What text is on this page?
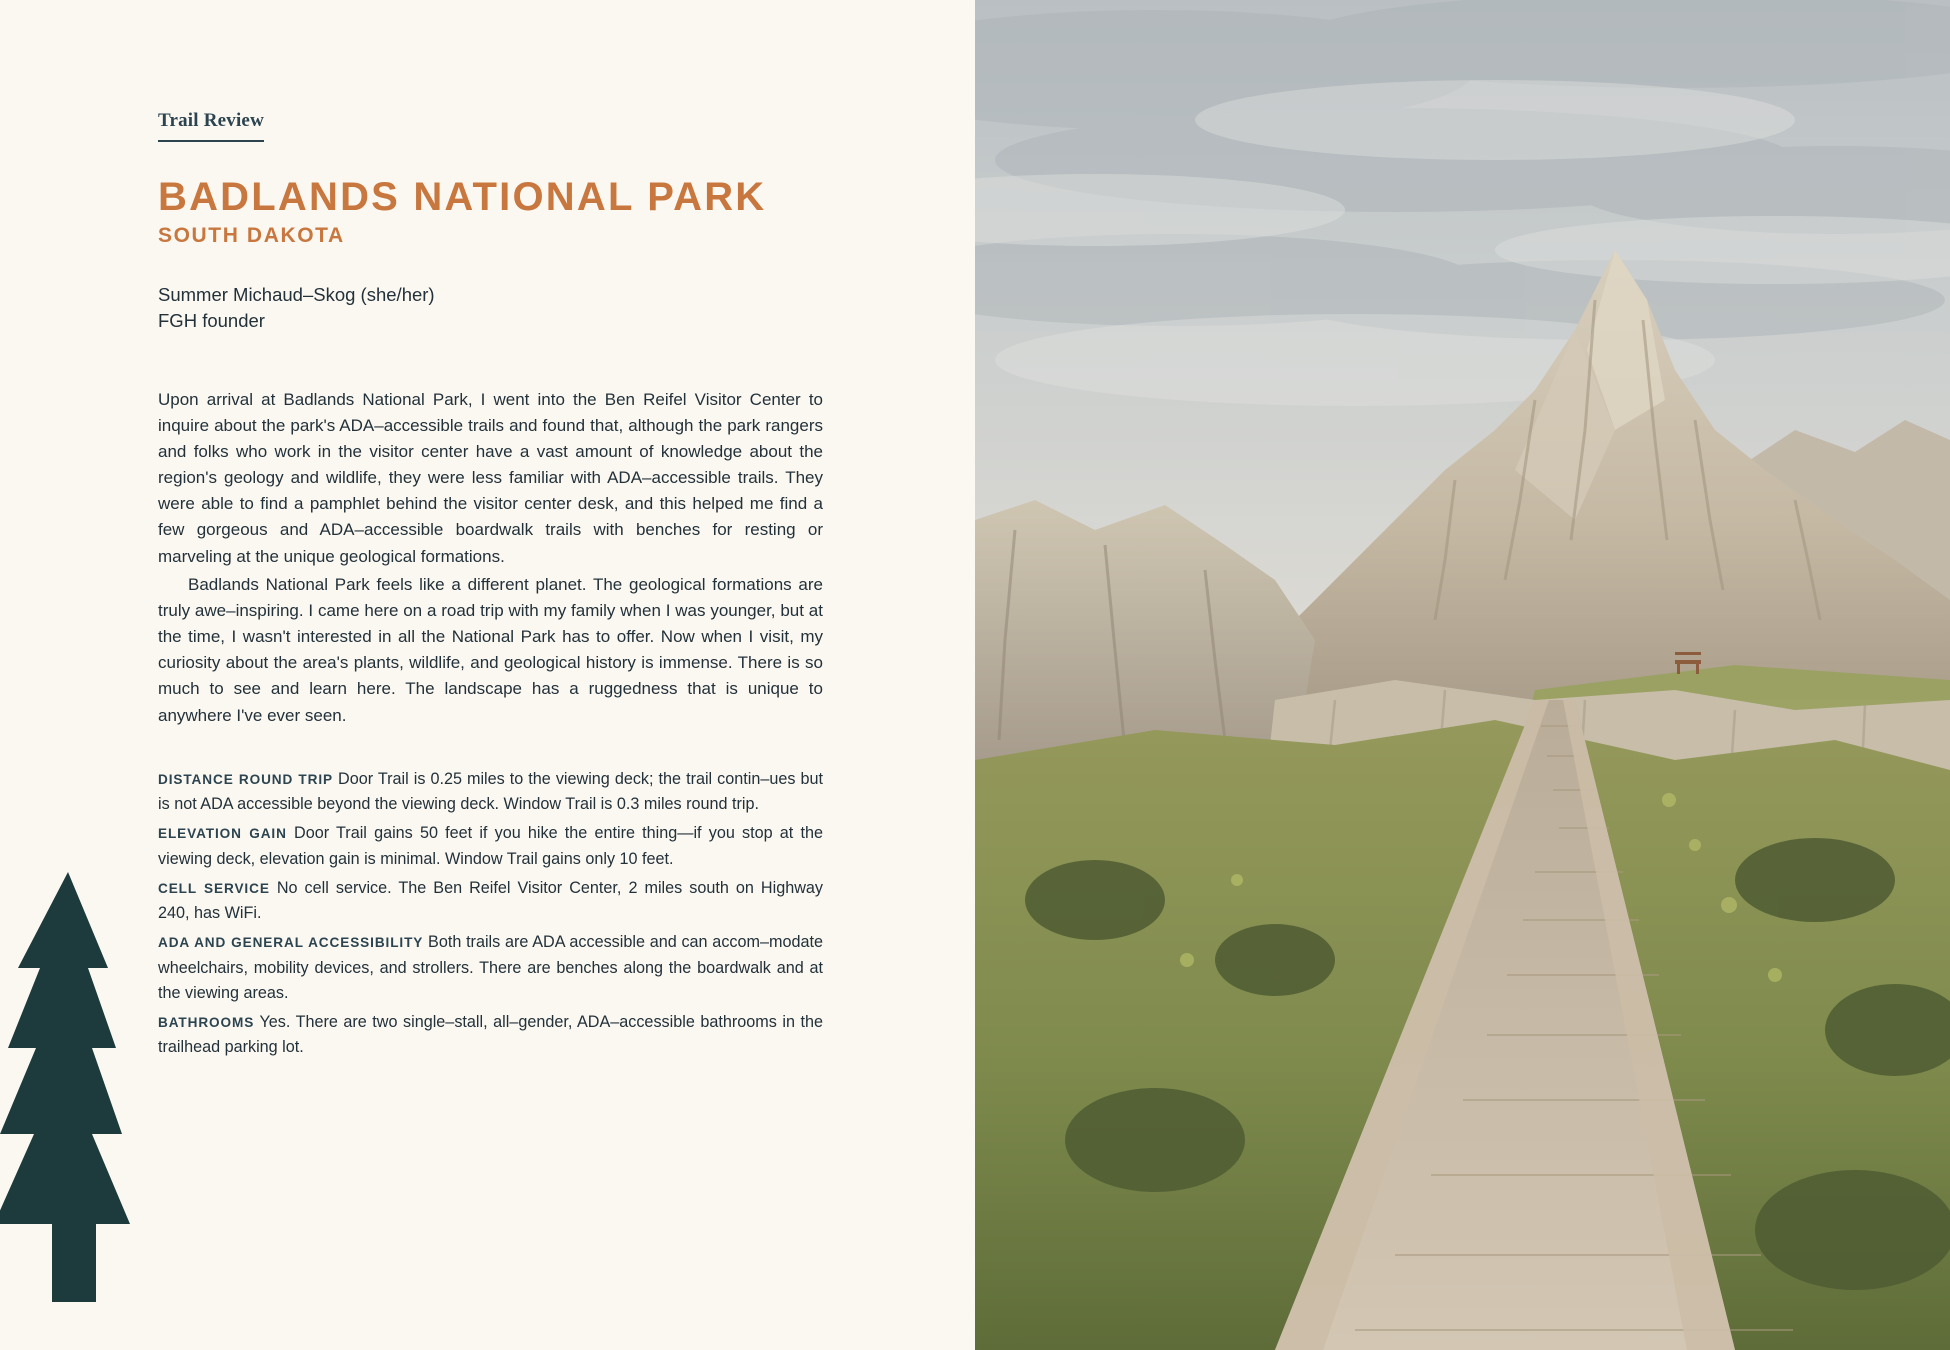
Trail Review
BADLANDS NATIONAL PARK
SOUTH DAKOTA
Summer Michaud–Skog (she/her)
FGH founder

Upon arrival at Badlands National Park, I went into the Ben Reifel Visitor Center to inquire about the park's ADA–accessible trails and found that, although the park rangers and folks who work in the visitor center have a vast amount of knowledge about the region's geology and wildlife, they were less familiar with ADA–accessible trails. They were able to find a pamphlet behind the visitor center desk, and this helped me find a few gorgeous and ADA–accessible boardwalk trails with benches for resting or marveling at the unique geological formations.

Badlands National Park feels like a different planet. The geological formations are truly awe–inspiring. I came here on a road trip with my family when I was younger, but at the time, I wasn't interested in all the National Park has to offer. Now when I visit, my curiosity about the area's plants, wildlife, and geological history is immense. There is so much to see and learn here. The landscape has a ruggedness that is unique to anywhere I've ever seen.

DISTANCE ROUND TRIP Door Trail is 0.25 miles to the viewing deck; the trail contin–ues but is not ADA accessible beyond the viewing deck. Window Trail is 0.3 miles round trip.

ELEVATION GAIN Door Trail gains 50 feet if you hike the entire thing—if you stop at the viewing deck, elevation gain is minimal. Window Trail gains only 10 feet.

CELL SERVICE No cell service. The Ben Reifel Visitor Center, 2 miles south on Highway 240, has WiFi.

ADA AND GENERAL ACCESSIBILITY Both trails are ADA accessible and can accom–modate wheelchairs, mobility devices, and strollers. There are benches along the boardwalk and at the viewing areas.

BATHROOMS Yes. There are two single–stall, all–gender, ADA–accessible bathrooms in the trailhead parking lot.
